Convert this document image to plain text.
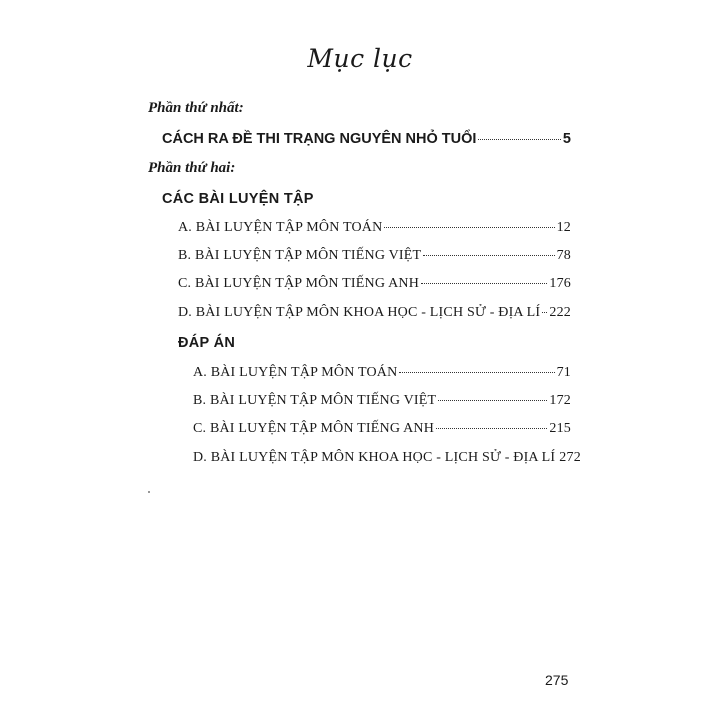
Mục lục
Phần thứ nhất:
CÁCH RA ĐỀ THI TRẠNG NGUYÊN NHỎ TUỔI	5
Phần thứ hai:
CÁC BÀI LUYỆN TẬP
A. BÀI LUYỆN TẬP MÔN TOÁN	12
B. BÀI LUYỆN TẬP MÔN TIẾNG VIỆT	78
C. BÀI LUYỆN TẬP MÔN TIẾNG ANH	176
D. BÀI LUYỆN TẬP MÔN KHOA HỌC - LỊCH SỬ - ĐỊA LÍ 222
ĐÁP ÁN
A. BÀI LUYỆN TẬP MÔN TOÁN	71
B. BÀI LUYỆN TẬP MÔN TIẾNG VIỆT	172
C. BÀI LUYỆN TẬP MÔN TIẾNG ANH	215
D. BÀI LUYỆN TẬP MÔN KHOA HỌC - LỊCH SỬ - ĐỊA LÍ 272
275
